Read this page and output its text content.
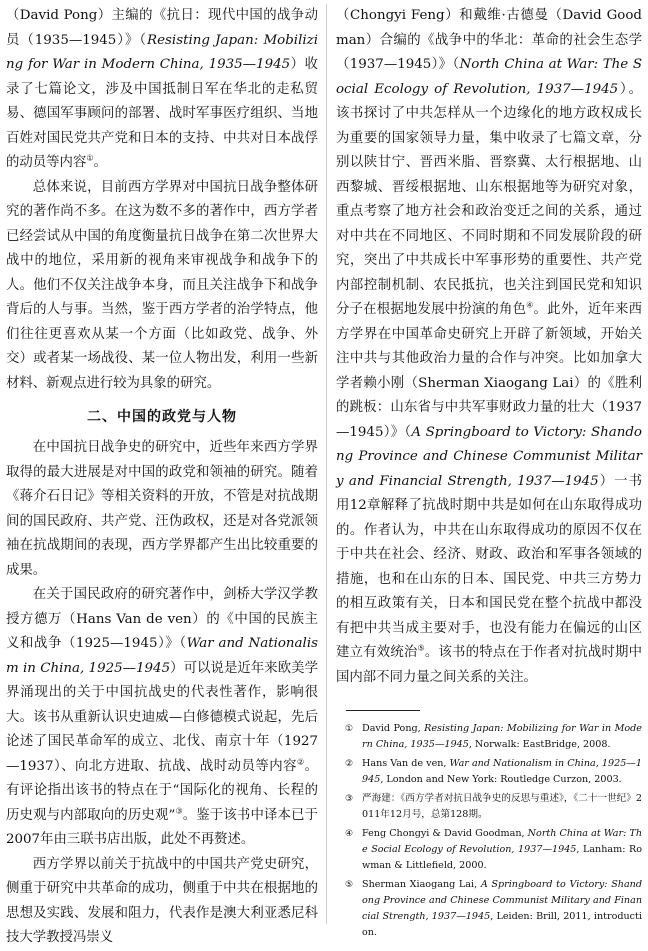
（David Pong）主编的《抗日：现代中国的战争动员（1935—1945）》（Resisting Japan: Mobilizing for War in Modern China, 1935—1945）收录了七篇论文，涉及中国抵制日军在华北的走私贸易、德国军事顾问的部署、战时军事医疗组织、当地百姓对国民党共产党和日本的支持、中共对日本战俘的动员等内容①。

总体来说，目前西方学界对中国抗日战争整体研究的著作尚不多。在这为数不多的著作中，西方学者已经尝试从中国的角度衡量抗日战争在第二次世界大战中的地位，采用新的视角来审视战争和战争下的人。他们不仅关注战争本身，而且关注战争下和战争背后的人与事。当然，鉴于西方学者的治学特点，他们往往更喜欢从某一个方面（比如政党、战争、外交）或者某一场战役、某一位人物出发，利用一些新材料、新观点进行较为具象的研究。

二、中国的政党与人物

在中国抗日战争史的研究中，近些年来西方学界取得的最大进展是对中国的政党和领袖的研究。随着《蒋介石日记》等相关资料的开放，不管是对抗战期间的国民政府、共产党、汪伪政权，还是对各党派领袖在抗战期间的表现，西方学界都产生出比较重要的成果。

在关于国民政府的研究著作中，剑桥大学汉学教授方德万（Hans Van de ven）的《中国的民族主义和战争（1925—1945）》（War and Nationalism in China, 1925—1945）可以说是近年来欧美学界涌现出的关于中国抗战史的代表性著作，影响很大。该书从重新认识史迪威—白修德模式说起，先后论述了国民革命军的成立、北伐、南京十年（1927—1937）、向北方进取、抗战、战时动员等内容②。有评论指出该书的特点在于“国际化的视角、长程的历史观与内部取向的历史观”③。鉴于该书中译本已于2007年由三联书店出版，此处不再赘述。

西方学界以前关于抗战中的中国共产党史研究，侧重于研究中共革命的成功，侧重于中共在根据地的思想及实践、发展和阻力，代表作是澳大利亚悉尼科技大学教授冯崇义

（Chongyi Feng）和戴维·古德曼（David Goodman）合编的《战争中的华北：革命的社会生态学（1937—1945）》（North China at War: The Social Ecology of Revolution, 1937—1945）。该书探讨了中共怎样从一个边缘化的地方政权成长为重要的国家领导力量，集中收录了七篇文章，分别以陕甘宁、晋西米脂、晋察冀、太行根据地、山西黎城、晋绥根据地、山东根据地等为研究对象，重点考察了地方社会和政治变迁之间的关系，通过对中共在不同地区、不同时期和不同发展阶段的研究，突出了中共成长中军事形势的重要性、共产党内部控制机制、农民抵抗，也关注到国民党和知识分子在根据地发展中扮演的角色④。此外，近年来西方学界在中国革命史研究上开辟了新领域，开始关注中共与其他政治力量的合作与冲突。比如加拿大学者赖小刚（Sherman Xiaogang Lai）的《胜利的跳板：山东省与中共军事财政力量的壮大（1937—1945）》（A Springboard to Victory: Shandong Province and Chinese Communist Military and Financial Strength, 1937—1945）一书用12章解释了抗战时期中共是如何在山东取得成功的。作者认为，中共在山东取得成功的原因不仅在于中共在社会、经济、财政、政治和军事各领域的措施，也和在山东的日本、国民党、中共三方势力的相互政策有关，日本和国民党在整个抗战中都没有把中共当成主要对手，也没有能力在偏远的山区建立有效统治⑤。该书的特点在于作者对抗战时期中国内部不同力量之间关系的关注。

① David Pong, Resisting Japan: Mobilizing for War in Modern China, 1935—1945, Norwalk: EastBridge, 2008.
② Hans Van de ven, War and Nationalism in China, 1925—1945, London and New York: Routledge Curzon, 2003.
③ 严海建：《西方学者对抗日战争史的反思与重述》，《二十一世纪》2011年12月号，总第128期。
④ Feng Chongyi & David Goodman, North China at War: The Social Ecology of Revolution, 1937—1945, Lanham: Rowman & Littlefield, 2000.
⑤ Sherman Xiaogang Lai, A Springboard to Victory: Shandong Province and Chinese Communist Military and Financial Strength, 1937—1945, Leiden: Brill, 2011, introduction.
